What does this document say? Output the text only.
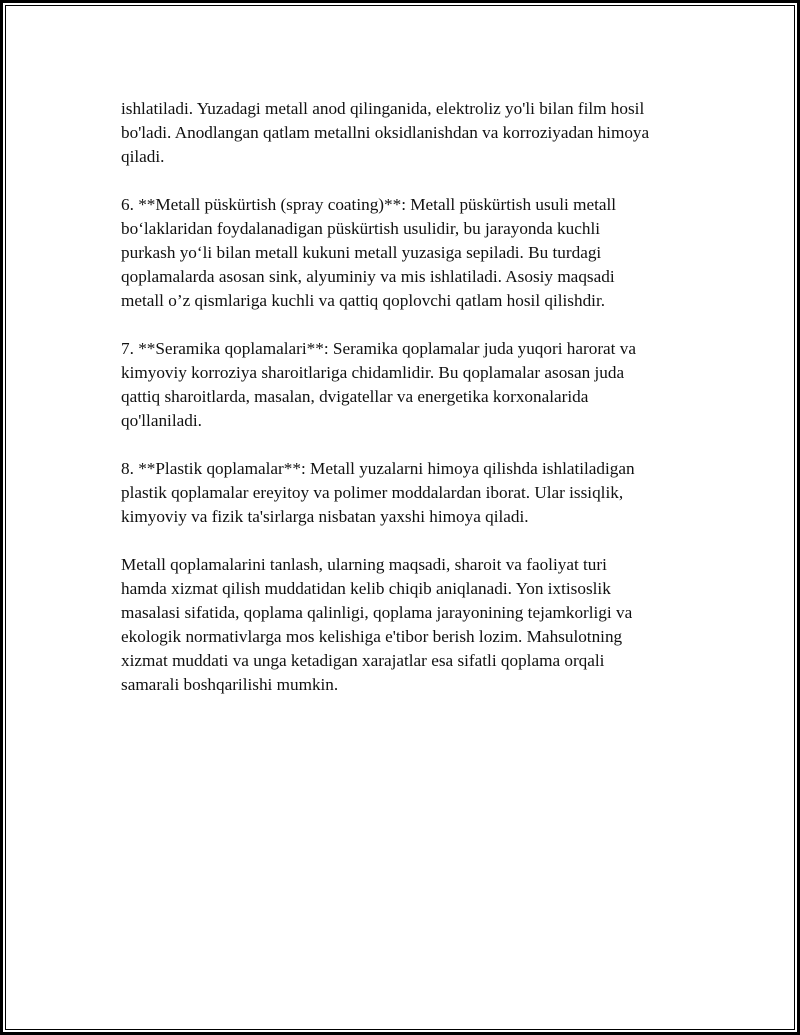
ishlatiladi. Yuzadagi metall anod qilinganida, elektroliz yo'li bilan film hosil
bo'ladi. Anodlangan qatlam metallni oksidlanishdan va korroziyadan himoya
qiladi.

6. **Metall püskürtish (spray coating)**: Metall püskürtish usuli metall
bo‘laklaridan foydalanadigan püskürtish usulidir, bu jarayonda kuchli
purkash yo‘li bilan metall kukuni metall yuzasiga sepiladi. Bu turdagi
qoplamalarda asosan sink, alyuminiy va mis ishlatiladi. Asosiy maqsadi
metall o’z qismlariga kuchli va qattiq qoplovchi qatlam hosil qilishdir.

7. **Seramika qoplamalari**: Seramika qoplamalar juda yuqori harorat va
kimyoviy korroziya sharoitlariga chidamlidir. Bu qoplamalar asosan juda
qattiq sharoitlarda, masalan, dvigatellar va energetika korxonalarida
qo'llaniladi.

8. **Plastik qoplamalar**: Metall yuzalarni himoya qilishda ishlatiladigan
plastik qoplamalar ereyitoy va polimer moddalardan iborat. Ular issiqlik,
kimyoviy va fizik ta'sirlarga nisbatan yaxshi himoya qiladi.

Metall qoplamalarini tanlash, ularning maqsadi, sharoit va faoliyat turi
hamda xizmat qilish muddatidan kelib chiqib aniqlanadi. Yon ixtisoslik
masalasi sifatida, qoplama qalinligi, qoplama jarayonining tejamkorligi va
ekologik normativlarga mos kelishiga e'tibor berish lozim. Mahsulotning
xizmat muddati va unga ketadigan xarajatlar esa sifatli qoplama orqali
samarali boshqarilishi mumkin.
